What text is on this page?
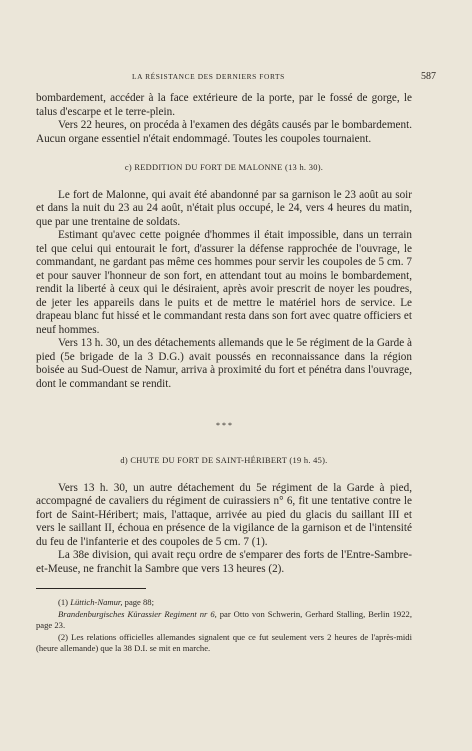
LA RÉSISTANCE DES DERNIERS FORTS	587

bombardement, accéder à la face extérieure de la porte, par le fossé de gorge, le talus d'escarpe et le terre-plein.

Vers 22 heures, on procéda à l'examen des dégâts causés par le bombardement. Aucun organe essentiel n'était endommagé. Toutes les coupoles tournaient.

c) REDDITION DU FORT DE MALONNE (13 h. 30).

Le fort de Malonne, qui avait été abandonné par sa garnison le 23 août au soir et dans la nuit du 23 au 24 août, n'était plus occupé, le 24, vers 4 heures du matin, que par une trentaine de soldats.

Estimant qu'avec cette poignée d'hommes il était impossible, dans un terrain tel que celui qui entourait le fort, d'assurer la défense rapprochée de l'ouvrage, le commandant, ne gardant pas même ces hommes pour servir les coupoles de 5 cm. 7 et pour sauver l'honneur de son fort, en attendant tout au moins le bombardement, rendit la liberté à ceux qui le désiraient, après avoir prescrit de noyer les poudres, de jeter les appareils dans le puits et de mettre le matériel hors de service. Le drapeau blanc fut hissé et le commandant resta dans son fort avec quatre officiers et neuf hommes.

Vers 13 h. 30, un des détachements allemands que le 5e régiment de la Garde à pied (5e brigade de la 3 D.G.) avait poussés en reconnaissance dans la région boisée au Sud-Ouest de Namur, arriva à proximité du fort et pénétra dans l'ouvrage, dont le commandant se rendit.

* * *

d) CHUTE DU FORT DE SAINT-HÉRIBERT (19 h. 45).

Vers 13 h. 30, un autre détachement du 5e régiment de la Garde à pied, accompagné de cavaliers du régiment de cuirassiers n° 6, fit une tentative contre le fort de Saint-Héribert; mais, l'attaque, arrivée au pied du glacis du saillant III et vers le saillant II, échoua en présence de la vigilance de la garnison et de l'intensité du feu de l'infanterie et des coupoles de 5 cm. 7 (1).

La 38e division, qui avait reçu ordre de s'emparer des forts de l'Entre-Sambre-et-Meuse, ne franchit la Sambre que vers 13 heures (2).

(1) Lüttich-Namur, page 88;

Brandenburgisches Kürassier Regiment nr 6, par Otto von Schwerin, Gerhard Stalling, Berlin 1922, page 23.

(2) Les relations officielles allemandes signalent que ce fut seulement vers 2 heures de l'après-midi (heure allemande) que la 38 D.I. se mit en marche.
